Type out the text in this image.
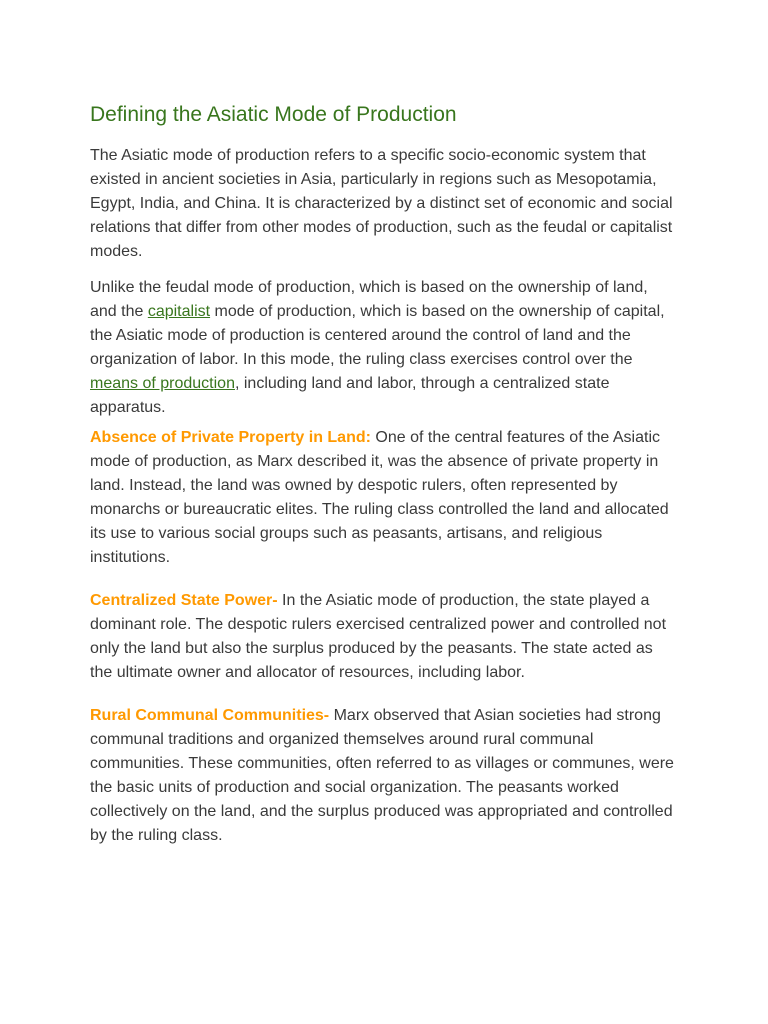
Defining the Asiatic Mode of Production

The Asiatic mode of production refers to a specific socio-economic system that existed in ancient societies in Asia, particularly in regions such as Mesopotamia, Egypt, India, and China. It is characterized by a distinct set of economic and social relations that differ from other modes of production, such as the feudal or capitalist modes.

Unlike the feudal mode of production, which is based on the ownership of land, and the capitalist mode of production, which is based on the ownership of capital, the Asiatic mode of production is centered around the control of land and the organization of labor. In this mode, the ruling class exercises control over the means of production, including land and labor, through a centralized state apparatus.

Absence of Private Property in Land: One of the central features of the Asiatic mode of production, as Marx described it, was the absence of private property in land. Instead, the land was owned by despotic rulers, often represented by monarchs or bureaucratic elites. The ruling class controlled the land and allocated its use to various social groups such as peasants, artisans, and religious institutions.

Centralized State Power- In the Asiatic mode of production, the state played a dominant role. The despotic rulers exercised centralized power and controlled not only the land but also the surplus produced by the peasants. The state acted as the ultimate owner and allocator of resources, including labor.

Rural Communal Communities- Marx observed that Asian societies had strong communal traditions and organized themselves around rural communal communities. These communities, often referred to as villages or communes, were the basic units of production and social organization. The peasants worked collectively on the land, and the surplus produced was appropriated and controlled by the ruling class.
